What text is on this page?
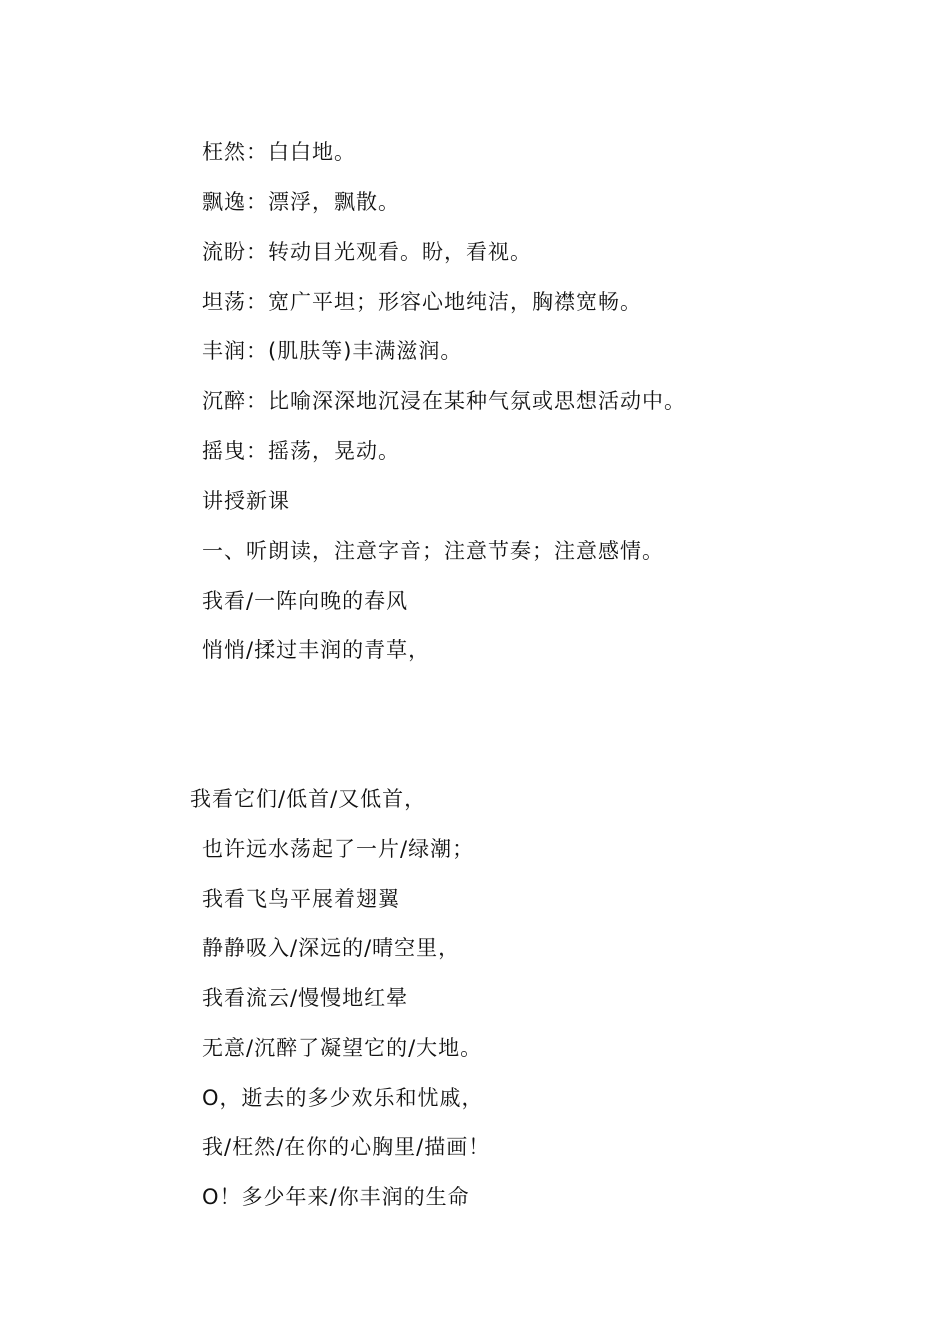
枉然：白白地。
飘逸：漂浮，飘散。
流盼：转动目光观看。盼，看视。
坦荡：宽广平坦；形容心地纯洁，胸襟宽畅。
丰润：(肌肤等)丰满滋润。
沉醉：比喻深深地沉浸在某种气氛或思想活动中。
摇曳：摇荡，晃动。
讲授新课
一、听朗读，注意字音；注意节奏；注意感情。
我看/一阵向晚的春风
悄悄/揉过丰润的青草，
我看它们/低首/又低首，
也许远水荡起了一片/绿潮；
我看飞鸟平展着翅翼
静静吸入/深远的/晴空里，
我看流云/慢慢地红晕
无意/沉醉了凝望它的/大地。
O，逝去的多少欢乐和忧戚，
我/枉然/在你的心胸里/描画！
O！多少年来/你丰润的生命
